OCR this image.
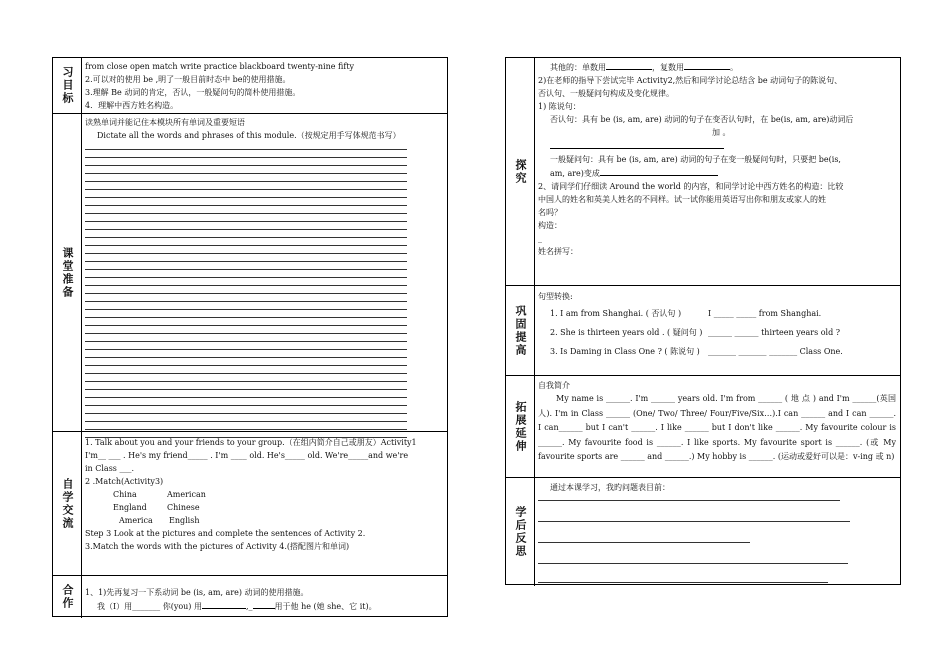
习目标 from close open match write practice blackboard twenty-nine fifty

2.可以对的使用 be ,明了一般目前时态中 be的使用措施。

3.理解 Be 动词的肯定，否认，一般疑问句的简朴使用措施。

4．理解中西方姓名构造。

课堂准备

读熟单词并能记住本模块所有单词及重要短语

Dictate all the words and phrases of this module.（按规定用手写体规范书写）

自学交流

1. Talk about you and your friends to your group.（在组内简介自己或朋友）Activity1

I'm__ ___ . He's my friend_____ . I'm ____ old. He's_____ old. We're_____and we're

in Class ___.

2 .Match(Activity3)

China	American

England	Chinese

America English

Step 3 Look at the pictures and complete the sentences of Activity 2.

3.Match the words with the pictures of Activity 4.(搭配图片和单词)

合作 1、1)先再复习一下系动词 be (is, am, are) 动词的使用措施。

我（I）用_______ 你(you) 用	,_	用于他 he (她 she、它 it)。

探究

其他的：单数用	，复数用	。

2)在老师的指导下尝试完毕 Activity2,然后和同学讨论总结含 be 动词句子的陈说句、

否认句、一般疑问句构成及变化规律。

1) 陈说句：

否认句：具有 be (is, am, are) 动词的句子在变否认句时，在 be(is, am, are)动词后

加 。

一般疑问句：具有 be (is, am, are) 动词的句子在变一般疑问句时，只要把 be(is,

am, are)变成

2、请同学们仔细读 Around the world 的内容，和同学讨论中西方姓名的构造：比较

中国人的姓名和英美人姓名的不同样。试一试你能用英语写出你和朋友或家人的姓

名吗？

构造：

_

姓名拼写：

巩固提高

句型转换:

1. I am from Shanghai. ( 否认句 )	I _____ _____ from Shanghai.

2. She is thirteen years old . ( 疑问句 ) ______ ______ thirteen years old ?

3. Is Daming in Class One ? ( 陈说句 ) _______ _______ _______ Class One.

拓展延伸

自我简介

My name is ______. I'm ______ years old. I'm from ______ ( 地 点 ) and I'm ______(英国人). I'm in Class ______ (One/ Two/ Three/ Four/Five/Six…).I can ______ and I can ______. I can______ but I can't ______. I like ______ but I don't like ______. My favourite colour is ______. My favourite food is ______. I like sports. My favourite sport is ______. (或 My favourite sports are ______ and ______.) My hobby is ______. (运动或爱好可以是：v-ing 或 n)

学后反思

通过本课学习，我旳问题表目前：
